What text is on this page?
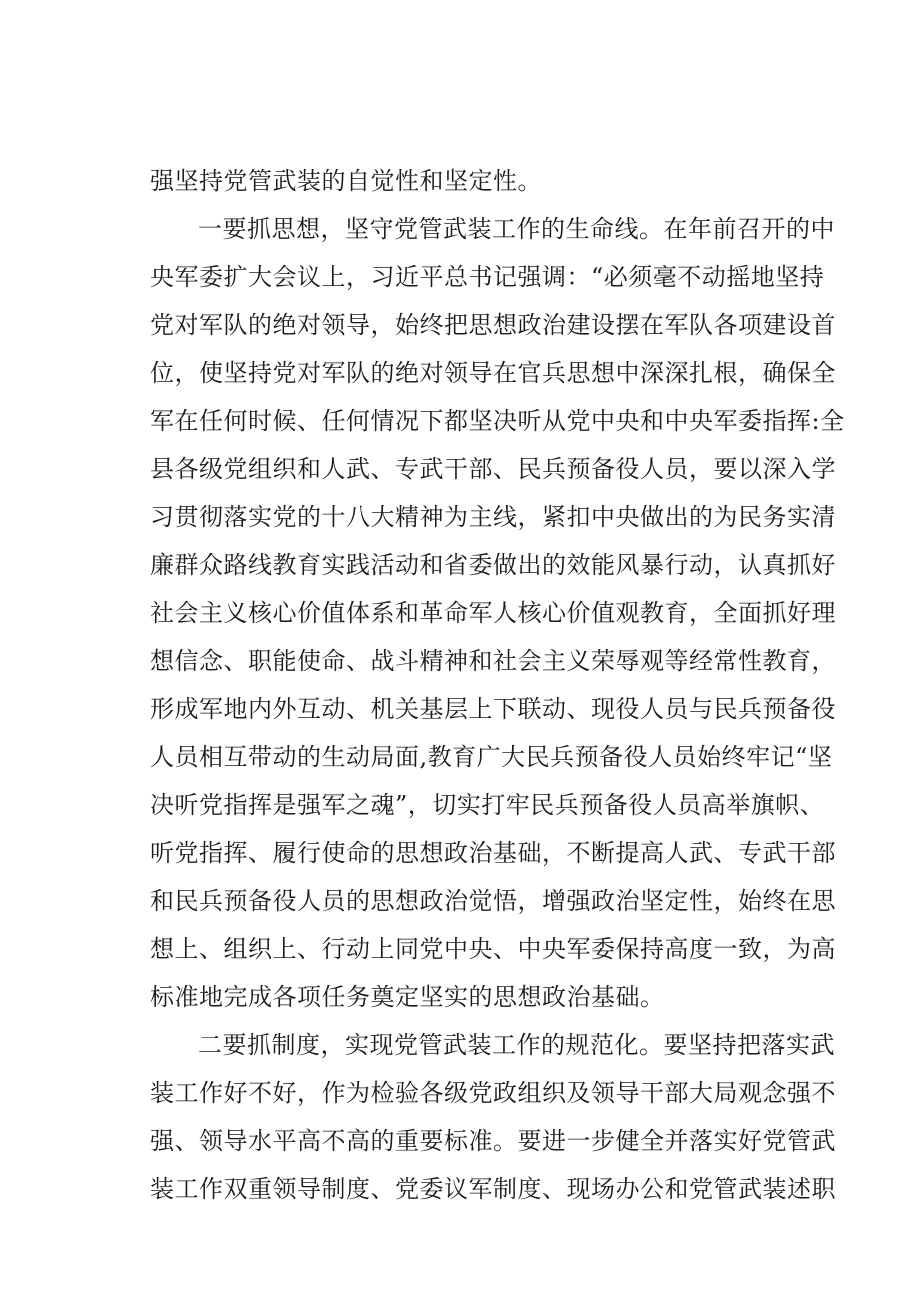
强坚持党管武装的自觉性和坚定性。
一要抓思想，坚守党管武装工作的生命线。在年前召开的中
央军委扩大会议上，习近平总书记强调：“必须毫不动摇地坚持
党对军队的绝对领导，始终把思想政治建设摆在军队各项建设首
位，使坚持党对军队的绝对领导在官兵思想中深深扎根，确保全
军在任何时候、任何情况下都坚决听从党中央和中央军委指挥:全
县各级党组织和人武、专武干部、民兵预备役人员，要以深入学
习贯彻落实党的十八大精神为主线，紧扣中央做出的为民务实清
廉群众路线教育实践活动和省委做出的效能风暴行动，认真抓好
社会主义核心价值体系和革命军人核心价值观教育，全面抓好理
想信念、职能使命、战斗精神和社会主义荣辱观等经常性教育，
形成军地内外互动、机关基层上下联动、现役人员与民兵预备役
人员相互带动的生动局面,教育广大民兵预备役人员始终牢记“坚
决听党指挥是强军之魂”，切实打牢民兵预备役人员高举旗帜、
听党指挥、履行使命的思想政治基础，不断提高人武、专武干部
和民兵预备役人员的思想政治觉悟，增强政治坚定性，始终在思
想上、组织上、行动上同党中央、中央军委保持高度一致，为高
标准地完成各项任务奠定坚实的思想政治基础。
二要抓制度，实现党管武装工作的规范化。要坚持把落实武
装工作好不好，作为检验各级党政组织及领导干部大局观念强不
强、领导水平高不高的重要标准。要进一步健全并落实好党管武
装工作双重领导制度、党委议军制度、现场办公和党管武装述职
